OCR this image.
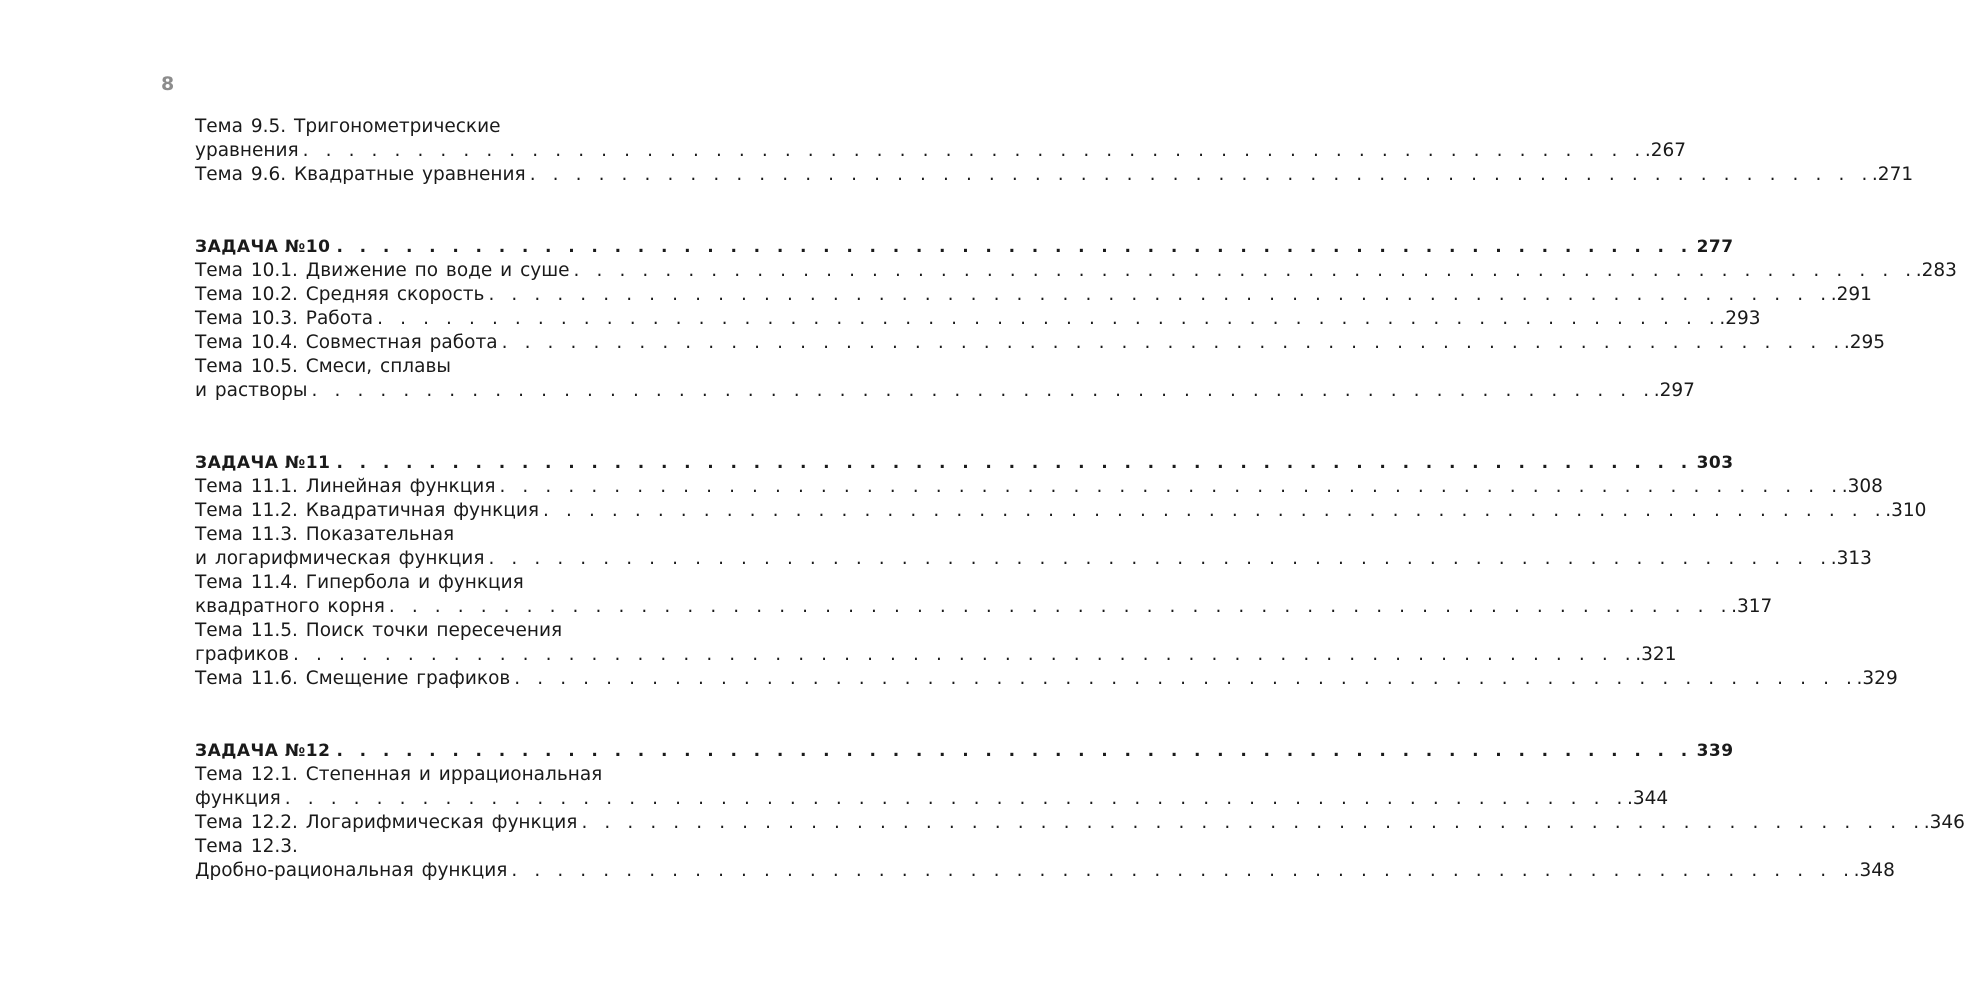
8
Тема 9.5. Тригонометрические
уравнения . . . . . . . . . . . . . . . . . . . . . . . . . . . . . . . . . . . . . . . . . . . . . . . . . . . . . . . . . . . .267
Тема 9.6. Квадратные уравнения . . . . . . . . . . . . . . . . . . . . . . . . . . . . . . . . . . . . . . . . . . . . . . . . . . . . . . . . . . . .271
ЗАДАЧА №10 . . . . . . . . . . . . . . . . . . . . . . . . . . . . . . . . . . . . . . . . . . . . . . . . . . . . . . . . . . . 277
Тема 10.1. Движение по воде и суше . . . . . . . . . . . . . . . . . . . . . . . . . . . . . . . . . . . . . . . . . . . . . . . . . . . . . . . . . . . .283
Тема 10.2. Средняя скорость . . . . . . . . . . . . . . . . . . . . . . . . . . . . . . . . . . . . . . . . . . . . . . . . . . . . . . . . . . . .291
Тема 10.3. Работа . . . . . . . . . . . . . . . . . . . . . . . . . . . . . . . . . . . . . . . . . . . . . . . . . . . . . . . . . . . .293
Тема 10.4. Совместная работа . . . . . . . . . . . . . . . . . . . . . . . . . . . . . . . . . . . . . . . . . . . . . . . . . . . . . . . . . . . .295
Тема 10.5. Смеси, сплавы
и растворы . . . . . . . . . . . . . . . . . . . . . . . . . . . . . . . . . . . . . . . . . . . . . . . . . . . . . . . . . . . .297
ЗАДАЧА №11 . . . . . . . . . . . . . . . . . . . . . . . . . . . . . . . . . . . . . . . . . . . . . . . . . . . . . . . . . . . 303
Тема 11.1. Линейная функция . . . . . . . . . . . . . . . . . . . . . . . . . . . . . . . . . . . . . . . . . . . . . . . . . . . . . . . . . . . .308
Тема 11.2. Квадратичная функция . . . . . . . . . . . . . . . . . . . . . . . . . . . . . . . . . . . . . . . . . . . . . . . . . . . . . . . . . . . .310
Тема 11.3. Показательная
и логарифмическая функция . . . . . . . . . . . . . . . . . . . . . . . . . . . . . . . . . . . . . . . . . . . . . . . . . . . . . . . . . . . .313
Тема 11.4. Гипербола и функция
квадратного корня . . . . . . . . . . . . . . . . . . . . . . . . . . . . . . . . . . . . . . . . . . . . . . . . . . . . . . . . . . . .317
Тема 11.5. Поиск точки пересечения
графиков . . . . . . . . . . . . . . . . . . . . . . . . . . . . . . . . . . . . . . . . . . . . . . . . . . . . . . . . . . . .321
Тема 11.6. Смещение графиков . . . . . . . . . . . . . . . . . . . . . . . . . . . . . . . . . . . . . . . . . . . . . . . . . . . . . . . . . . . .329
ЗАДАЧА №12 . . . . . . . . . . . . . . . . . . . . . . . . . . . . . . . . . . . . . . . . . . . . . . . . . . . . . . . . . . . 339
Тема 12.1. Степенная и иррациональная
функция . . . . . . . . . . . . . . . . . . . . . . . . . . . . . . . . . . . . . . . . . . . . . . . . . . . . . . . . . . . .344
Тема 12.2. Логарифмическая функция . . . . . . . . . . . . . . . . . . . . . . . . . . . . . . . . . . . . . . . . . . . . . . . . . . . . . . . . . . . .346
Тема 12.3.
Дробно-рациональная функция . . . . . . . . . . . . . . . . . . . . . . . . . . . . . . . . . . . . . . . . . . . . . . . . . . . . . . . . . . . .348
